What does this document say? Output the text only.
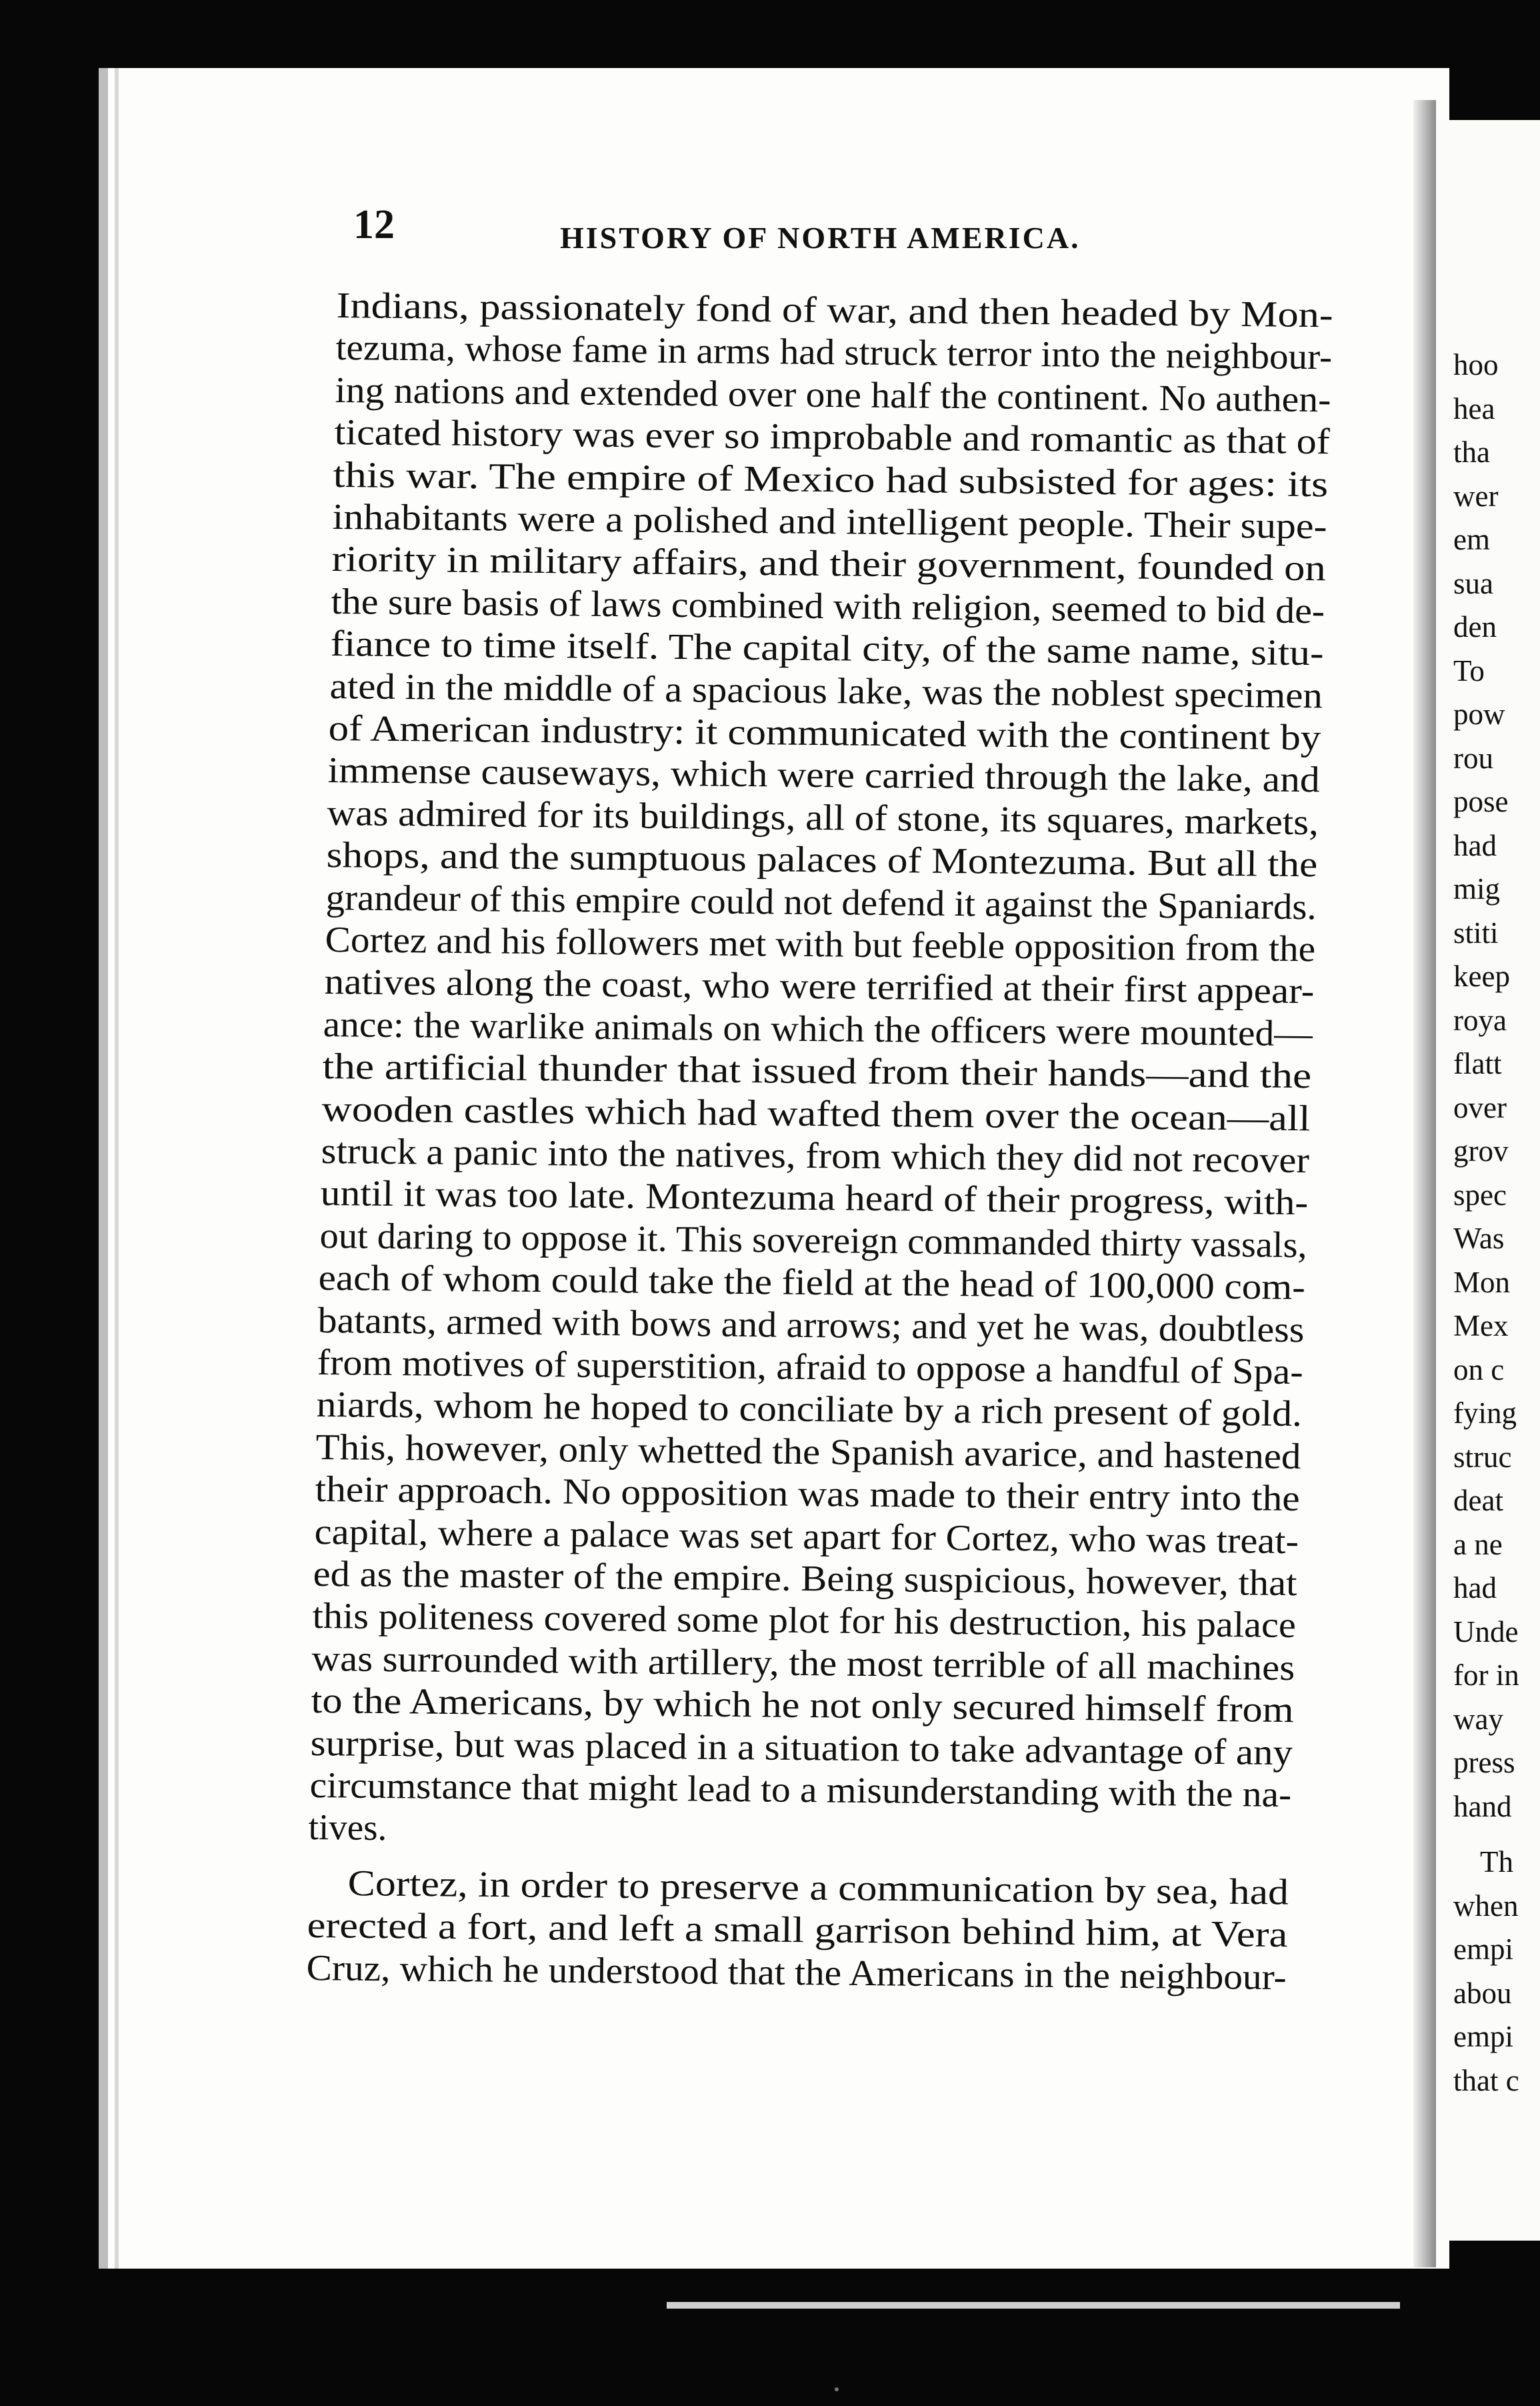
hoo
hea
tha
wer
em
sua
den
To
pow
rou
pose
had
mig
stiti
keep
roya
flatt
over
grov
spec
Was
Mon
Mex
on c
fying
struc
deat
a ne
had
Unde
for in
way
press
hand
Th
when
empi
abou
empi
that c
12	HISTORY OF NORTH AMERICA.
Indians, passionately fond of war, and then headed by Mon-
tezuma, whose fame in arms had struck terror into the neighbour-
ing nations and extended over one half the continent. No authen-
ticated history was ever so improbable and romantic as that of
this war. The empire of Mexico had subsisted for ages: its
inhabitants were a polished and intelligent people. Their supe-
riority in military affairs, and their government, founded on
the sure basis of laws combined with religion, seemed to bid de-
fiance to time itself. The capital city, of the same name, situ-
ated in the middle of a spacious lake, was the noblest specimen
of American industry: it communicated with the continent by
immense causeways, which were carried through the lake, and
was admired for its buildings, all of stone, its squares, markets,
shops, and the sumptuous palaces of Montezuma. But all the
grandeur of this empire could not defend it against the Spaniards.
Cortez and his followers met with but feeble opposition from the
natives along the coast, who were terrified at their first appear-
ance: the warlike animals on which the officers were mounted—
the artificial thunder that issued from their hands—and the
wooden castles which had wafted them over the ocean—all
struck a panic into the natives, from which they did not recover
until it was too late. Montezuma heard of their progress, with-
out daring to oppose it. This sovereign commanded thirty vassals,
each of whom could take the field at the head of 100,000 com-
batants, armed with bows and arrows; and yet he was, doubtless
from motives of superstition, afraid to oppose a handful of Spa-
niards, whom he hoped to conciliate by a rich present of gold.
This, however, only whetted the Spanish avarice, and hastened
their approach. No opposition was made to their entry into the
capital, where a palace was set apart for Cortez, who was treat-
ed as the master of the empire. Being suspicious, however, that
this politeness covered some plot for his destruction, his palace
was surrounded with artillery, the most terrible of all machines
to the Americans, by which he not only secured himself from
surprise, but was placed in a situation to take advantage of any
circumstance that might lead to a misunderstanding with the na-
tives.
Cortez, in order to preserve a communication by sea, had
erected a fort, and left a small garrison behind him, at Vera
Cruz, which he understood that the Americans in the neighbour-
